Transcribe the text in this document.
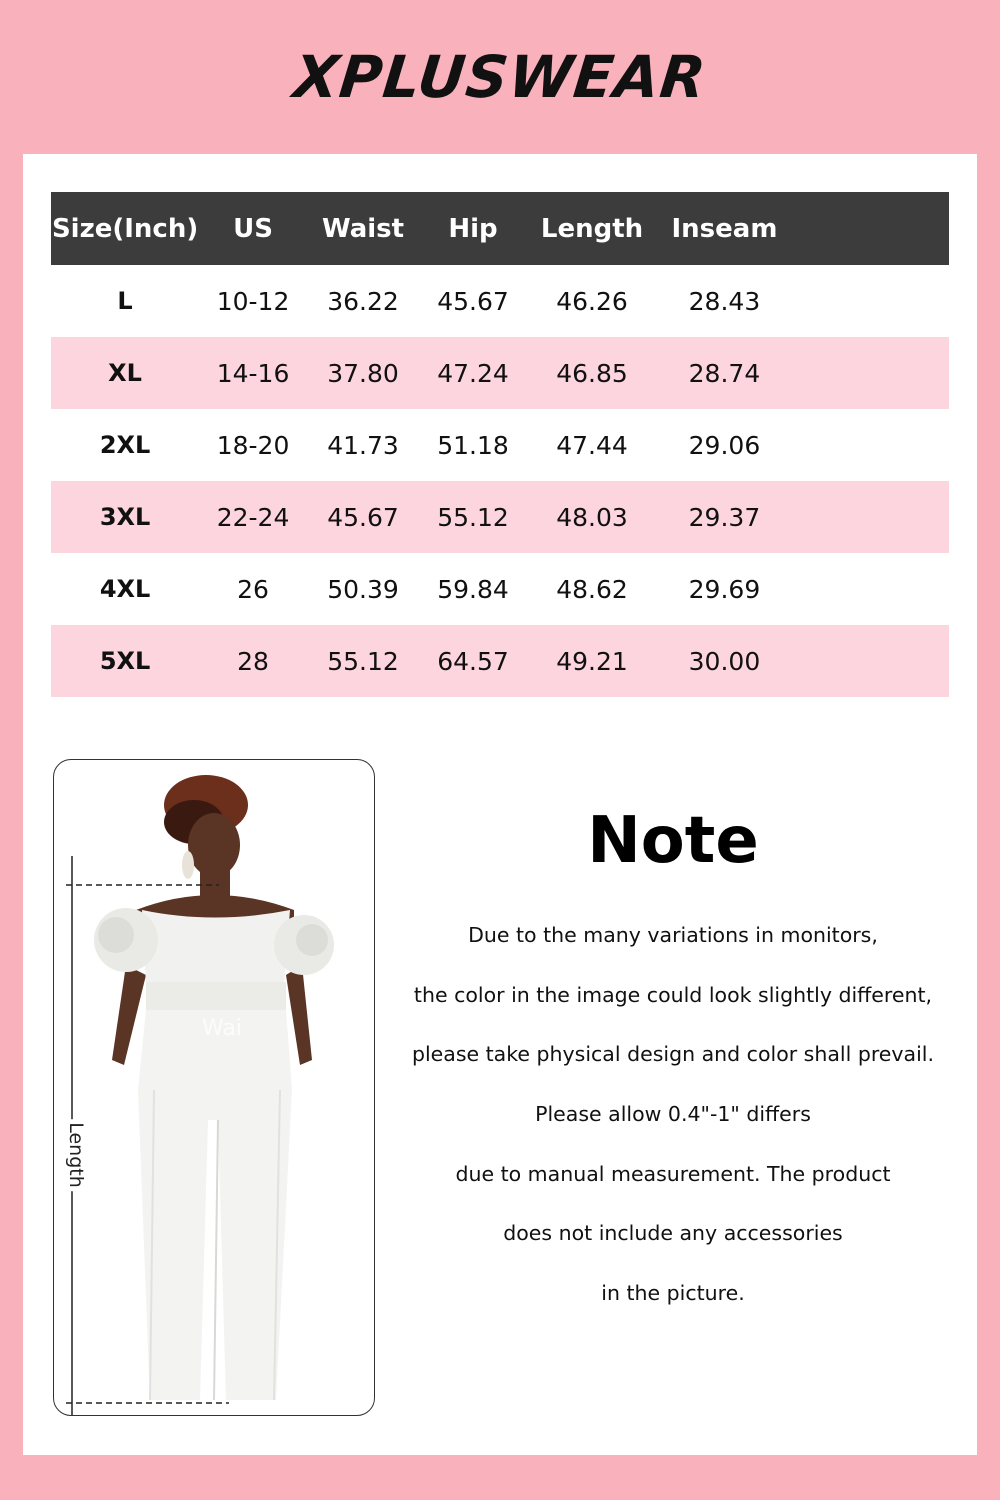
XPLUSWEAR
Size(Inch)	US	Waist	Hip	Length	Inseam	
L	10-12	36.22	45.67	46.26	28.43	
XL	14-16	37.80	47.24	46.85	28.74	
2XL	18-20	41.73	51.18	47.44	29.06	
3XL	22-24	45.67	55.12	48.03	29.37	
4XL	26	50.39	59.84	48.62	29.69	
5XL	28	55.12	64.57	49.21	30.00	
Length
Wai
Note
Due to the many variations in monitors,
the color in the image could look slightly different,
please take physical design and color shall prevail.
Please allow 0.4"-1" differs
due to manual measurement. The product
does not include any accessories
in the picture.
